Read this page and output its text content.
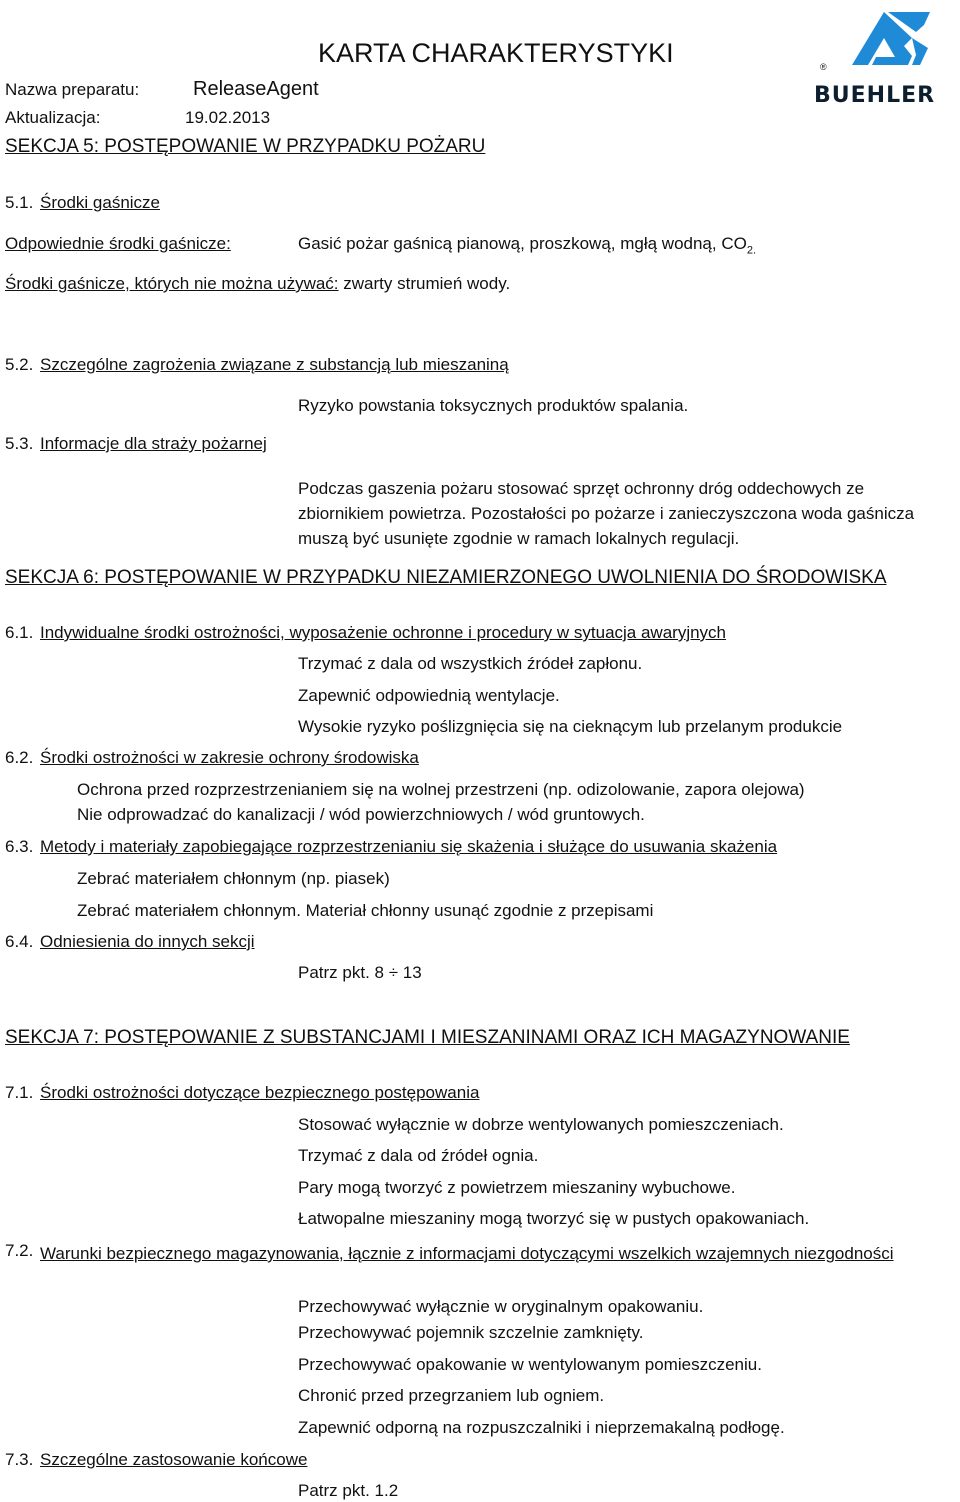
KARTA CHARAKTERYSTYKI
Nazwa preparatu:	ReleaseAgent
Aktualizacja:	19.02.2013
®
BUEHLER
SEKCJA 5: POSTĘPOWANIE W PRZYPADKU POŻARU
5.1. Środki gaśnicze
Odpowiednie środki gaśnicze:	Gasić pożar gaśnicą pianową, proszkową, mgłą wodną, $CO_{2.}$
Środki gaśnicze, których nie można używać: zwarty strumień wody.
5.2. Szczególne zagrożenia związane z substancją lub mieszaniną
Ryzyko powstania toksycznych produktów spalania.
5.3. Informacje dla straży pożarnej
Podczas gaszenia pożaru stosować sprzęt ochronny dróg oddechowych ze zbiornikiem powietrza. Pozostałości po pożarze i zanieczyszczona woda gaśnicza muszą być usunięte zgodnie w ramach lokalnych regulacji.
SEKCJA 6: POSTĘPOWANIE W PRZYPADKU NIEZAMIERZONEGO UWOLNIENIA DO ŚRODOWISKA
6.1. Indywidualne środki ostrożności, wyposażenie ochronne i procedury w sytuacja awaryjnych
Trzymać z dala od wszystkich źródeł zapłonu.
Zapewnić odpowiednią wentylacje.
Wysokie ryzyko poślizgnięcia się na cieknącym lub przelanym produkcie
6.2. Środki ostrożności w zakresie ochrony środowiska
Ochrona przed rozprzestrzenianiem się na wolnej przestrzeni (np. odizolowanie, zapora olejowa)
Nie odprowadzać do kanalizacji / wód powierzchniowych / wód gruntowych.
6.3. Metody i materiały zapobiegające rozprzestrzenianiu się skażenia i służące do usuwania skażenia
Zebrać materiałem chłonnym (np. piasek)
Zebrać materiałem chłonnym. Materiał chłonny usunąć zgodnie z przepisami
6.4. Odniesienia do innych sekcji
Patrz pkt. 8 ÷ 13
SEKCJA 7: POSTĘPOWANIE Z SUBSTANCJAMI I MIESZANINAMI ORAZ ICH MAGAZYNOWANIE
7.1. Środki ostrożności dotyczące bezpiecznego postępowania
Stosować wyłącznie w dobrze wentylowanych pomieszczeniach.
Trzymać z dala od źródeł ognia.
Pary mogą tworzyć z powietrzem mieszaniny wybuchowe.
Łatwopalne mieszaniny mogą tworzyć się w pustych opakowaniach.
7.2. Warunki bezpiecznego magazynowania, łącznie z informacjami dotyczącymi wszelkich wzajemnych niezgodności
Przechowywać wyłącznie w oryginalnym opakowaniu.
Przechowywać pojemnik szczelnie zamknięty.
Przechowywać opakowanie w wentylowanym pomieszczeniu.
Chronić przed przegrzaniem lub ogniem.
Zapewnić odporną na rozpuszczalniki i nieprzemakalną podłogę.
7.3. Szczególne zastosowanie końcowe
Patrz pkt. 1.2
